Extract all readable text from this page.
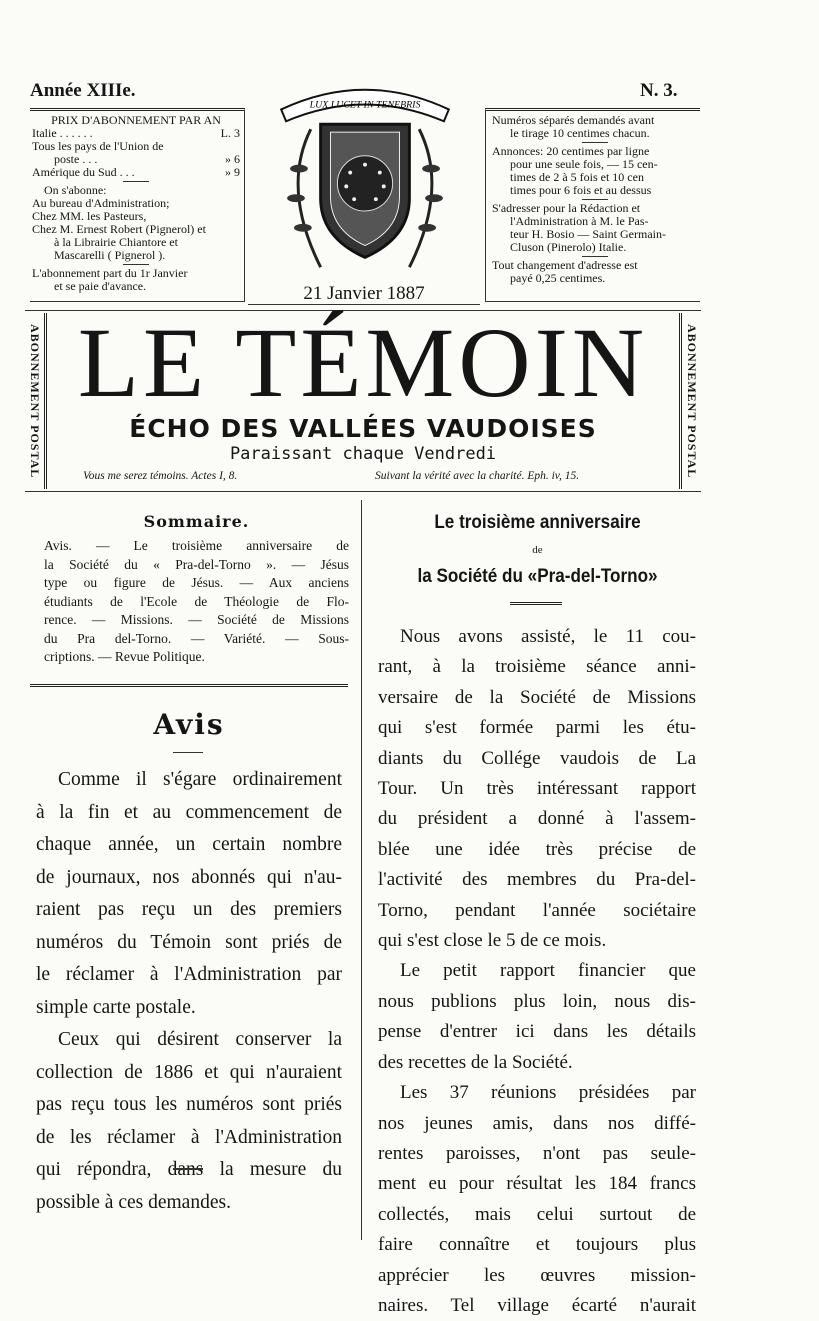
Année XIIIe.	N. 3.
PRIX D'ABONNEMENT PAR AN
Italie . . . . . .	L. 3
Tous les pays de l'Union de
poste . . .	» 6
Amérique du Sud . . .	» 9
On s'abonne:
Au bureau d'Administration;
Chez MM. les Pasteurs,
Chez M. Ernest Robert (Pignerol) et
à la Librairie Chiantore et
Mascarelli ( Pignerol ).
L'abonnement part du 1r Janvier
et se paie d'avance.
LUX LUCET IN TENEBRIS
21 Janvier 1887
Numéros séparés demandés avant
le tirage 10 centimes chacun.
Annonces: 20 centimes par ligne
pour une seule fois, — 15 cen-
times de 2 à 5 fois et 10 cen
times pour 6 fois et au dessus
S'adresser pour la Rédaction et
l'Administration à M. le Pas-
teur H. Bosio — Saint Germain-
Cluson (Pinerolo) Italie.
Tout changement d'adresse est
payé 0,25 centimes.
ABONNEMENT POSTAL	ABONNEMENT POSTAL
LE TÉMOIN
ÉCHO DES VALLÉES VAUDOISES
Paraissant chaque Vendredi
Vous me serez témoins. Actes I, 8.	Suivant la vérité avec la charité. Eph. iv, 15.
Sommaire.
Avis. — Le troisième anniversaire de
la Société du « Pra-del-Torno ». — Jésus
type ou figure de Jésus. — Aux anciens
étudiants de l'Ecole de Théologie de Flo-
rence. — Missions. — Société de Missions
du Pra del-Torno. — Variété. — Sous-
criptions. — Revue Politique.
Avis
Comme il s'égare ordinairement
à la fin et au commencement de
chaque année, un certain nombre
de journaux, nos abonnés qui n'au-
raient pas reçu un des premiers
numéros du Témoin sont priés de
le réclamer à l'Administration par
simple carte postale.
Ceux qui désirent conserver la
collection de 1886 et qui n'auraient
pas reçu tous les numéros sont priés
de les réclamer à l'Administration
qui répondra, dans la mesure du
possible à ces demandes.
Le troisième anniversaire
de
la Société du «Pra-del-Torno»
Nous avons assisté, le 11 cou-
rant, à la troisième séance anni-
versaire de la Société de Missions
qui s'est formée parmi les étu-
diants du Collége vaudois de La
Tour. Un très intéressant rapport
du président a donné à l'assem-
blée une idée très précise de
l'activité des membres du Pra-del-
Torno, pendant l'année sociétaire
qui s'est close le 5 de ce mois.
Le petit rapport financier que
nous publions plus loin, nous dis-
pense d'entrer ici dans les détails
des recettes de la Société.
Les 37 réunions présidées par
nos jeunes amis, dans nos diffé-
rentes paroisses, n'ont pas seule-
ment eu pour résultat les 184 francs
collectés, mais celui surtout de
faire connaître et toujours plus
apprécier les œuvres mission-
naires. Tel village écarté n'aurait
